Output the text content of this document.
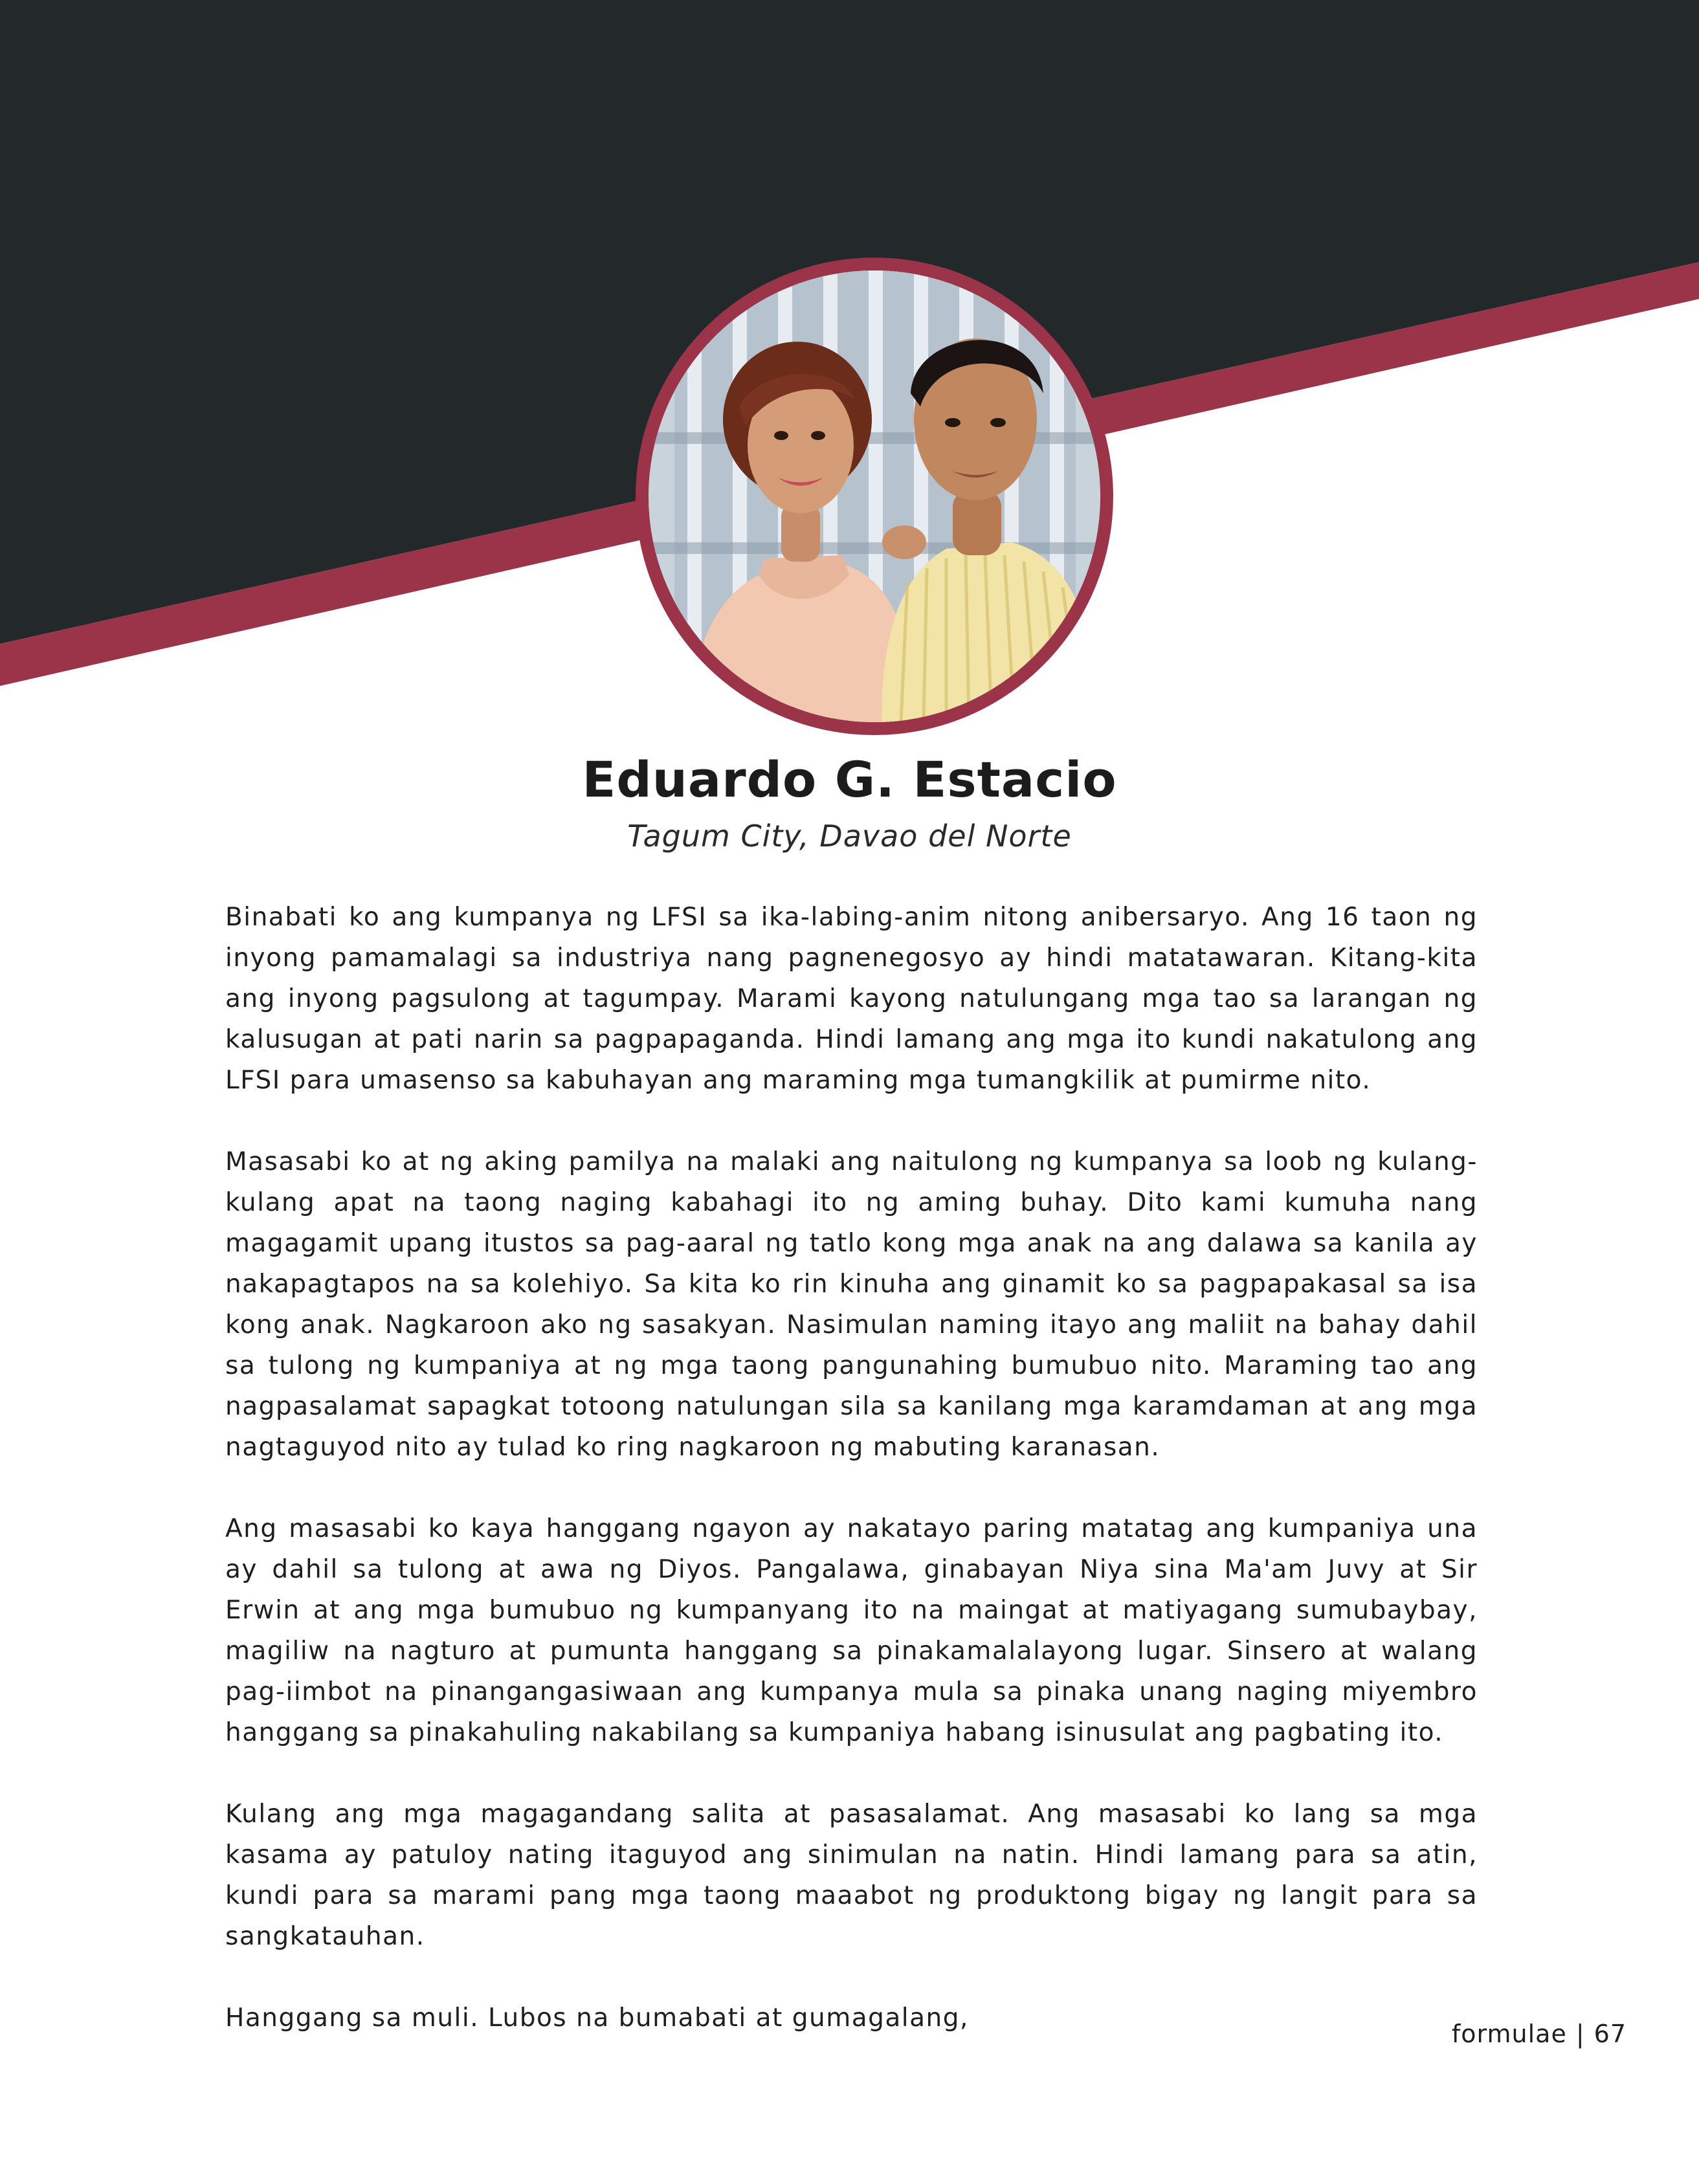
Eduardo G. Estacio
Tagum City, Davao del Norte

Binabati ko ang kumpanya ng LFSI sa ika-labing-anim nitong anibersaryo. Ang 16 taon ng inyong pamamalagi sa industriya nang pagnenegosyo ay hindi matatawaran. Kitang-kita ang inyong pagsulong at tagumpay. Marami kayong natulungang mga tao sa larangan ng kalusugan at pati narin sa pagpapaganda. Hindi lamang ang mga ito kundi nakatulong ang LFSI para umasenso sa kabuhayan ang maraming mga tumangkilik at pumirme nito.

Masasabi ko at ng aking pamilya na malaki ang naitulong ng kumpanya sa loob ng kulang-kulang apat na taong naging kabahagi ito ng aming buhay. Dito kami kumuha nang magagamit upang itustos sa pag-aaral ng tatlo kong mga anak na ang dalawa sa kanila ay nakapagtapos na sa kolehiyo. Sa kita ko rin kinuha ang ginamit ko sa pagpapakasal sa isa kong anak. Nagkaroon ako ng sasakyan. Nasimulan naming itayo ang maliit na bahay dahil sa tulong ng kumpaniya at ng mga taong pangunahing bumubuo nito. Maraming tao ang nagpasalamat sapagkat totoong natulungan sila sa kanilang mga karamdaman at ang mga nagtaguyod nito ay tulad ko ring nagkaroon ng mabuting karanasan.

Ang masasabi ko kaya hanggang ngayon ay nakatayo paring matatag ang kumpaniya una ay dahil sa tulong at awa ng Diyos. Pangalawa, ginabayan Niya sina Ma'am Juvy at Sir Erwin at ang mga bumubuo ng kumpanyang ito na maingat at matiyagang sumubaybay, magiliw na nagturo at pumunta hanggang sa pinakamalalayong lugar. Sinsero at walang pag-iimbot na pinangangasiwaan ang kumpanya mula sa pinaka unang naging miyembro hanggang sa pinakahuling nakabilang sa kumpaniya habang isinusulat ang pagbating ito.

Kulang ang mga magagandang salita at pasasalamat. Ang masasabi ko lang sa mga kasama ay patuloy nating itaguyod ang sinimulan na natin. Hindi lamang para sa atin, kundi para sa marami pang mga taong maaabot ng produktong bigay ng langit para sa sangkatauhan.

Hanggang sa muli. Lubos na bumabati at gumagalang,

formulae | 67
